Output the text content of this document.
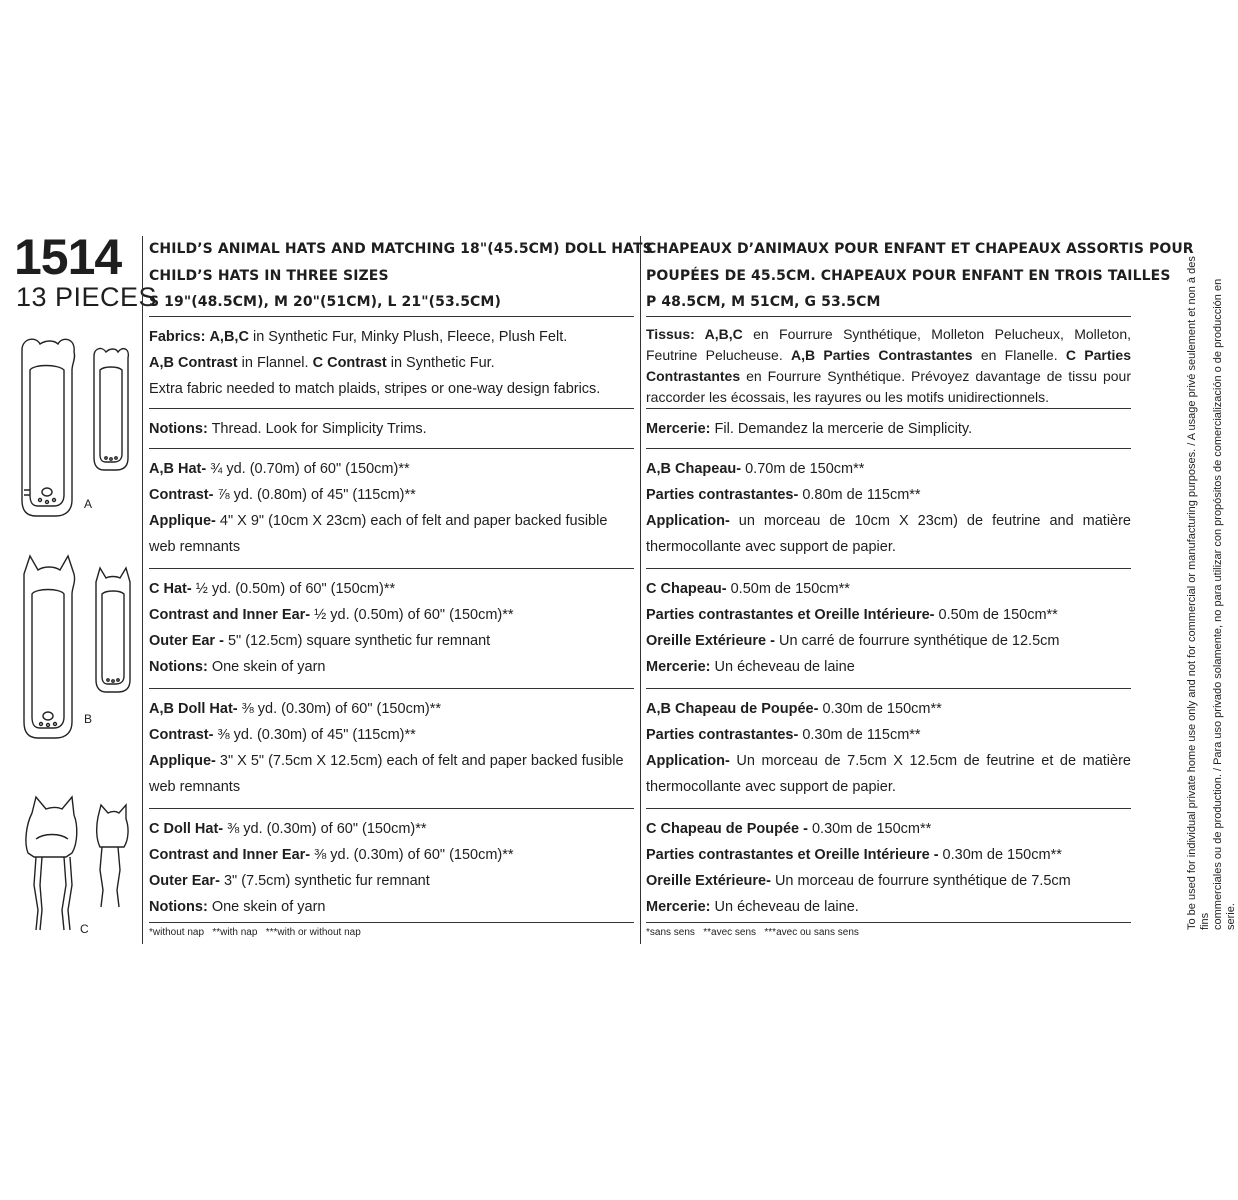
1514
13 PIECES
A
B
C
CHILD’S ANIMAL HATS AND MATCHING 18"(45.5CM) DOLL HATS
CHILD’S HATS IN THREE SIZES
S 19"(48.5CM), M 20"(51CM), L 21"(53.5CM)

Fabrics: A,B,C in Synthetic Fur, Minky Plush, Fleece, Plush Felt.

A,B Contrast in Flannel. C Contrast in Synthetic Fur.

Extra fabric needed to match plaids, stripes or one-way design fabrics.

Notions: Thread. Look for Simplicity Trims.

A,B Hat- ¾ yd. (0.70m) of 60" (150cm)**

Contrast- ⅞ yd. (0.80m) of 45" (115cm)**

Applique- 4" X 9" (10cm X 23cm) each of felt and paper backed fusible web remnants

C Hat- ½ yd. (0.50m) of 60" (150cm)**

Contrast and Inner Ear- ½ yd. (0.50m) of 60" (150cm)**

Outer Ear - 5" (12.5cm) square synthetic fur remnant

Notions: One skein of yarn

A,B Doll Hat- ⅜ yd. (0.30m) of 60" (150cm)**

Contrast- ⅜ yd. (0.30m) of 45" (115cm)**

Applique- 3" X 5" (7.5cm X 12.5cm) each of felt and paper backed fusible web remnants

C Doll Hat- ⅜ yd. (0.30m) of 60" (150cm)**

Contrast and Inner Ear- ⅜ yd. (0.30m) of 60" (150cm)**

Outer Ear- 3" (7.5cm) synthetic fur remnant

Notions: One skein of yarn

*without nap   **with nap   ***with or without nap
CHAPEAUX D’ANIMAUX POUR ENFANT ET CHAPEAUX ASSORTIS POUR
POUPÉES DE 45.5CM. CHAPEAUX POUR ENFANT EN TROIS TAILLES
P 48.5CM, M 51CM, G 53.5CM

Tissus: A,B,C en Fourrure Synthétique, Molleton Pelucheux, Molleton, Feutrine Pelucheuse. A,B Parties Contrastantes en Flanelle. C Parties Contrastantes en Fourrure Synthétique. Prévoyez davantage de tissu pour raccorder les écossais, les rayures ou les motifs unidirectionnels.

Mercerie: Fil. Demandez la mercerie de Simplicity.

A,B Chapeau- 0.70m de 150cm**

Parties contrastantes- 0.80m de 115cm**

Application- un morceau de 10cm X 23cm) de feutrine and matière thermocollante avec support de papier.

C Chapeau- 0.50m de 150cm**

Parties contrastantes et Oreille Intérieure- 0.50m de 150cm**

Oreille Extérieure - Un carré de fourrure synthétique de 12.5cm

Mercerie: Un écheveau de laine

A,B Chapeau de Poupée- 0.30m de 150cm**

Parties contrastantes- 0.30m de 115cm**

Application- Un morceau de 7.5cm X 12.5cm de feutrine et de matière thermocollante avec support de papier.

C Chapeau de Poupée - 0.30m de 150cm**

Parties contrastantes et Oreille Intérieure - 0.30m de 150cm**

Oreille Extérieure- Un morceau de fourrure synthétique de 7.5cm

Mercerie: Un écheveau de laine.

*sans sens   **avec sens   ***avec ou sans sens
To be used for individual private home use only and not for commercial or manufacturing purposes. / A usage privé seulement et non à des fins commerciales ou de production. / Para uso privado solamente, no para utilizar con propósitos de comercialización o de producción en serie.
